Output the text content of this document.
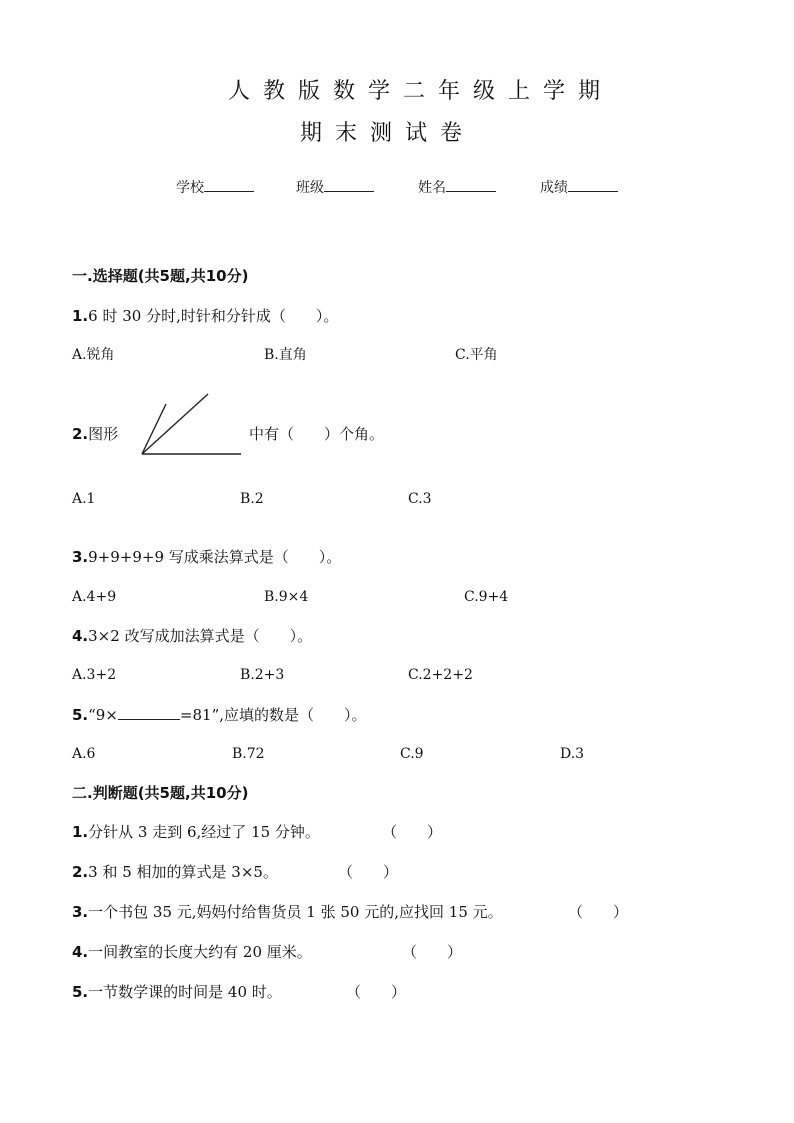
人教版数学二年级上学期
期末测试卷
学校	班级	姓名	成绩
一.选择题(共5题,共10分)
1.6 时 30 分时,时针和分针成（　　）。
A.锐角	B.直角	C.平角
2.图形	中有（　　）个角。
A.1	B.2	C.3
3.9+9+9+9 写成乘法算式是（　　）。
A.4+9	B.9×4	C.9+4
4.3×2 改写成加法算式是（　　）。
A.3+2	B.2+3	C.2+2+2
5.“9×	=81”,应填的数是（　　）。
A.6	B.72	C.9	D.3
二.判断题(共5题,共10分)
1.分针从 3 走到 6,经过了 15 分钟。	（　　）
2.3 和 5 相加的算式是 3×5。	（　　）
3.一个书包 35 元,妈妈付给售货员 1 张 50 元的,应找回 15 元。	（　　）
4.一间教室的长度大约有 20 厘米。	（　　）
5.一节数学课的时间是 40 时。	（　　）
